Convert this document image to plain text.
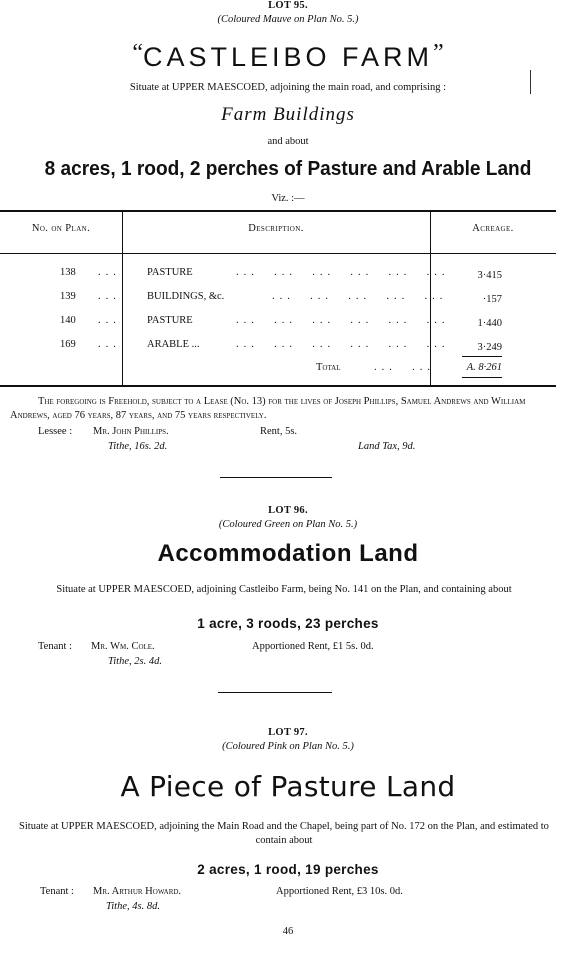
LOT 95.
(Coloured Mauve on Plan No. 5.)
“CASTLEIBO FARM”
Situate at UPPER MAESCOED, adjoining the main road, and comprising :
Farm Buildings
and about
8 acres, 1 rood, 2 perches of Pasture and Arable Land
Viz. :—
No. on Plan.	Description.	Acreage.
138 ... PASTURE	...  ...  ...  ...  ...  ...	3·415
139 ... BUILDINGS, &c.	...  ...  ...  ...  ...	·157
140 ... PASTURE	...  ...  ...  ...  ...  ...	1·440
169 ... ARABLE ...	...  ...  ...  ...  ...  ...	3·249
Total	...  ...	A. 8·261
The foregoing is Freehold, subject to a Lease (No. 13) for the lives of Joseph Phillips, Samuel Andrews and William Andrews, aged 76 years, 87 years, and 75 years respectively.
Lessee : Mr. John Phillips.	Rent, 5s.
Tithe, 16s. 2d.	Land Tax, 9d.
LOT 96.
(Coloured Green on Plan No. 5.)
Accommodation Land
Situate at UPPER MAESCOED, adjoining Castleibo Farm, being No. 141 on the Plan, and containing about
1 acre, 3 roods, 23 perches
Tenant : Mr. Wm. Cole.	Apportioned Rent, £1 5s. 0d.
Tithe, 2s. 4d.
LOT 97.
(Coloured Pink on Plan No. 5.)
A Piece of Pasture Land
Situate at UPPER MAESCOED, adjoining the Main Road and the Chapel, being part of No. 172 on the Plan, and estimated to contain about
2 acres, 1 rood, 19 perches
Tenant : Mr. Arthur Howard.	Apportioned Rent, £3 10s. 0d.
Tithe, 4s. 8d.
46
